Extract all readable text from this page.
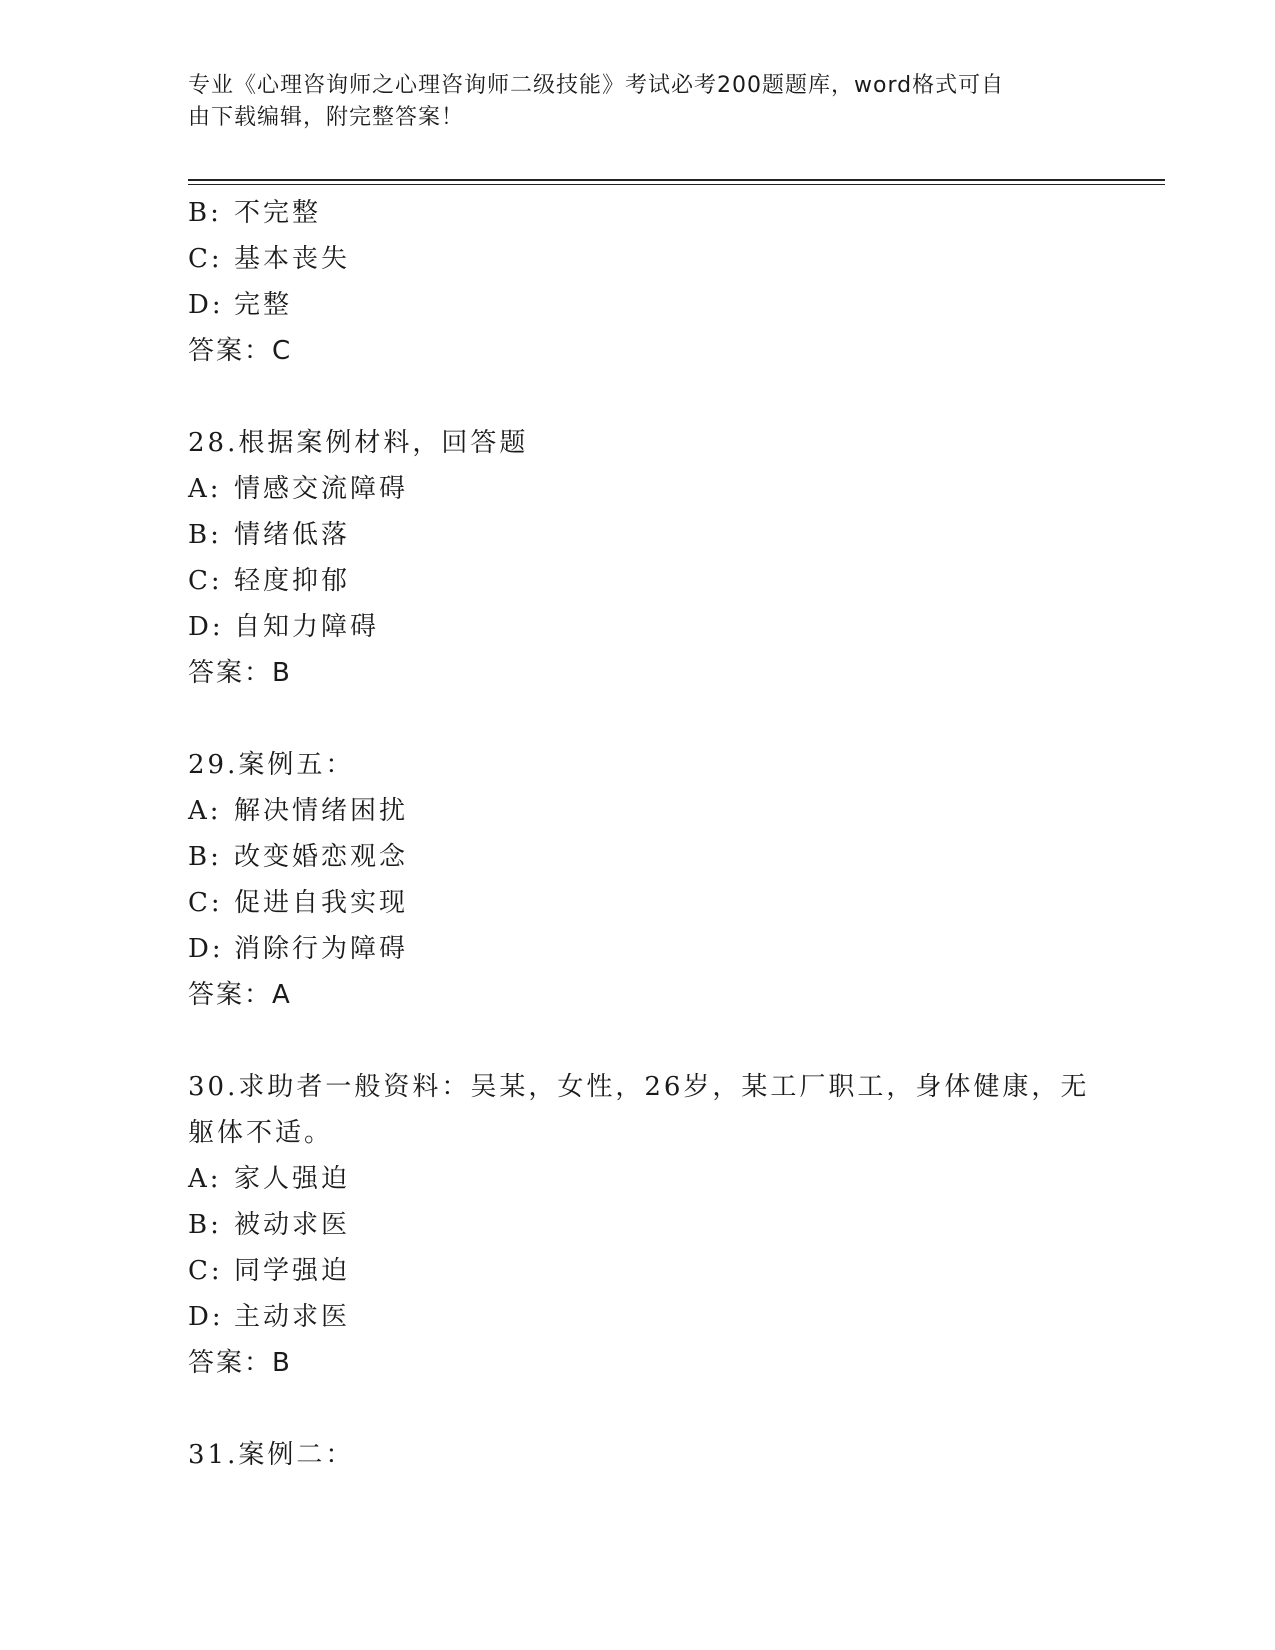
专业《心理咨询师之心理咨询师二级技能》考试必考200题题库，word格式可自
由下载编辑，附完整答案！
B: 不完整
C: 基本丧失
D: 完整
答案：C
28.根据案例材料，回答题
A: 情感交流障碍
B: 情绪低落
C: 轻度抑郁
D: 自知力障碍
答案：B
29.案例五：
A: 解决情绪困扰
B: 改变婚恋观念
C: 促进自我实现
D: 消除行为障碍
答案：A
30.求助者一般资料：吴某，女性，26岁，某工厂职工，身体健康，无
躯体不适。
A: 家人强迫
B: 被动求医
C: 同学强迫
D: 主动求医
答案：B
31.案例二：
